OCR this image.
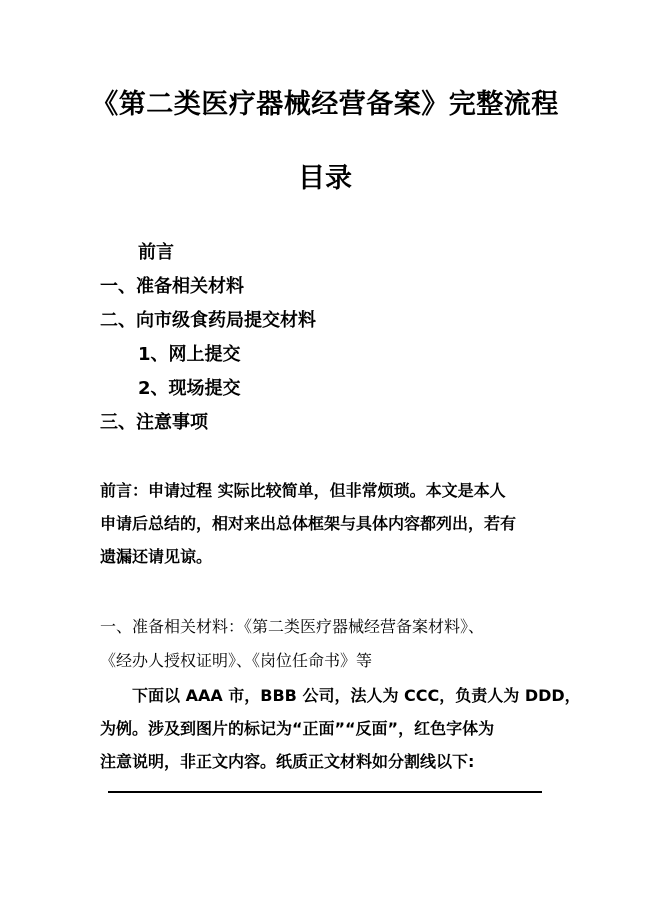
《第二类医疗器械经营备案》完整流程
目录
前言
一、准备相关材料
二、向市级食药局提交材料
1、网上提交
2、现场提交
三、注意事项
前言：申请过程 实际比较简单，但非常烦琐。本文是本人
申请后总结的，相对来出总体框架与具体内容都列出，若有
遗漏还请见谅。
一、准备相关材料：《第二类医疗器械经营备案材料》、
《经办人授权证明》、《岗位任命书》等
下面以 AAA 市，BBB 公司，法人为 CCC，负责人为 DDD，
为例。涉及到图片的标记为“正面”“反面”，红色字体为
注意说明，非正文内容。纸质正文材料如分割线以下:
